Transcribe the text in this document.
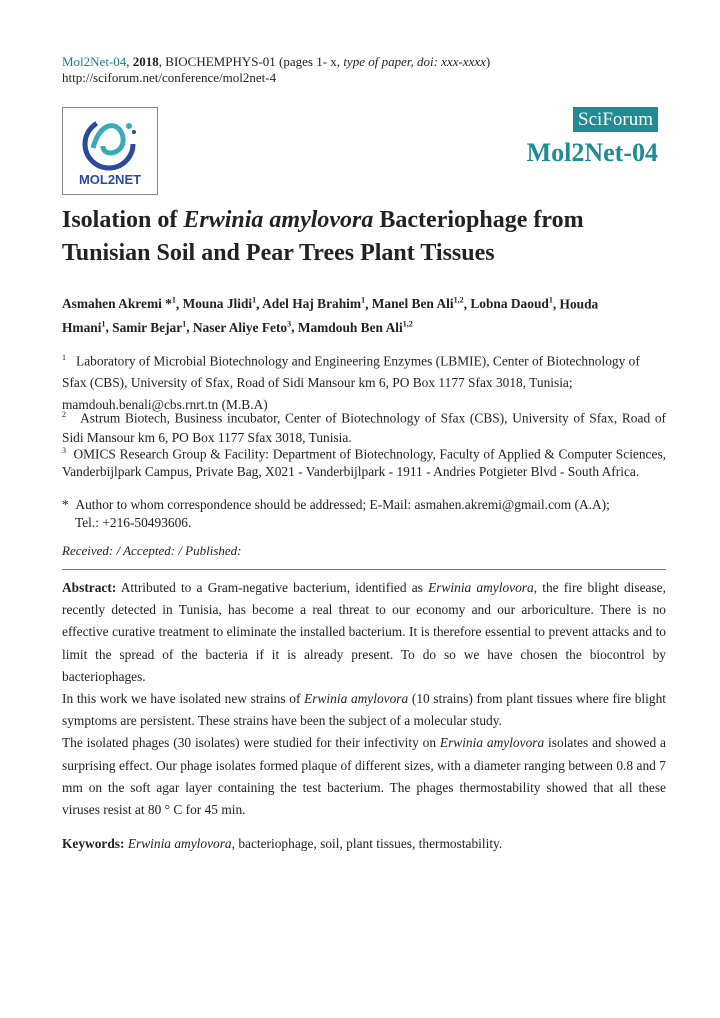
Mol2Net-04, 2018, BIOCHEMPHYS-01 (pages 1- x, type of paper, doi: xxx-xxxx)
http://sciforum.net/conference/mol2net-4
MOL2NET
SciForum
Mol2Net-04
Isolation of Erwinia amylovora Bacteriophage from
Tunisian Soil and Pear Trees Plant Tissues
Asmahen Akremi *$^1$, Mouna Jlidi$^1$, Adel Haj Brahim$^1$, Manel Ben Ali$^{1,2}$, Lobna Daoud$^1$, Houda
Hmani$^1$, Samir Bejar$^1$, Naser Aliye Feto$^3$, Mamdouh Ben Ali$^{1,2}$
$^1$ Laboratory of Microbial Biotechnology and Engineering Enzymes (LBMIE), Center of Biotechnology of Sfax (CBS), University of Sfax, Road of Sidi Mansour km 6, PO Box 1177 Sfax 3018, Tunisia; mamdouh.benali@cbs.rnrt.tn (M.B.A)
$^2$ Astrum Biotech, Business incubator, Center of Biotechnology of Sfax (CBS), University of Sfax, Road of Sidi Mansour km 6, PO Box 1177 Sfax 3018, Tunisia.
$^3$ OMICS Research Group & Facility: Department of Biotechnology, Faculty of Applied & Computer Sciences, Vanderbijlpark Campus, Private Bag, X021 - Vanderbijlpark - 1911 - Andries Potgieter Blvd - South Africa.
* Author to whom correspondence should be addressed; E-Mail: asmahen.akremi@gmail.com (A.A);
Tel.: +216-50493606.
Received: / Accepted: / Published:

Abstract: Attributed to a Gram-negative bacterium, identified as Erwinia amylovora, the fire blight disease, recently detected in Tunisia, has become a real threat to our economy and our arboriculture. There is no effective curative treatment to eliminate the installed bacterium. It is therefore essential to prevent attacks and to limit the spread of the bacteria if it is already present. To do so we have chosen the biocontrol by bacteriophages.

In this work we have isolated new strains of Erwinia amylovora (10 strains) from plant tissues where fire blight symptoms are persistent. These strains have been the subject of a molecular study.

The isolated phages (30 isolates) were studied for their infectivity on Erwinia amylovora isolates and showed a surprising effect. Our phage isolates formed plaque of different sizes, with a diameter ranging between 0.8 and 7 mm on the soft agar layer containing the test bacterium. The phages thermostability showed that all these viruses resist at 80 ° C for 45 min.

Keywords: Erwinia amylovora, bacteriophage, soil, plant tissues, thermostability.
